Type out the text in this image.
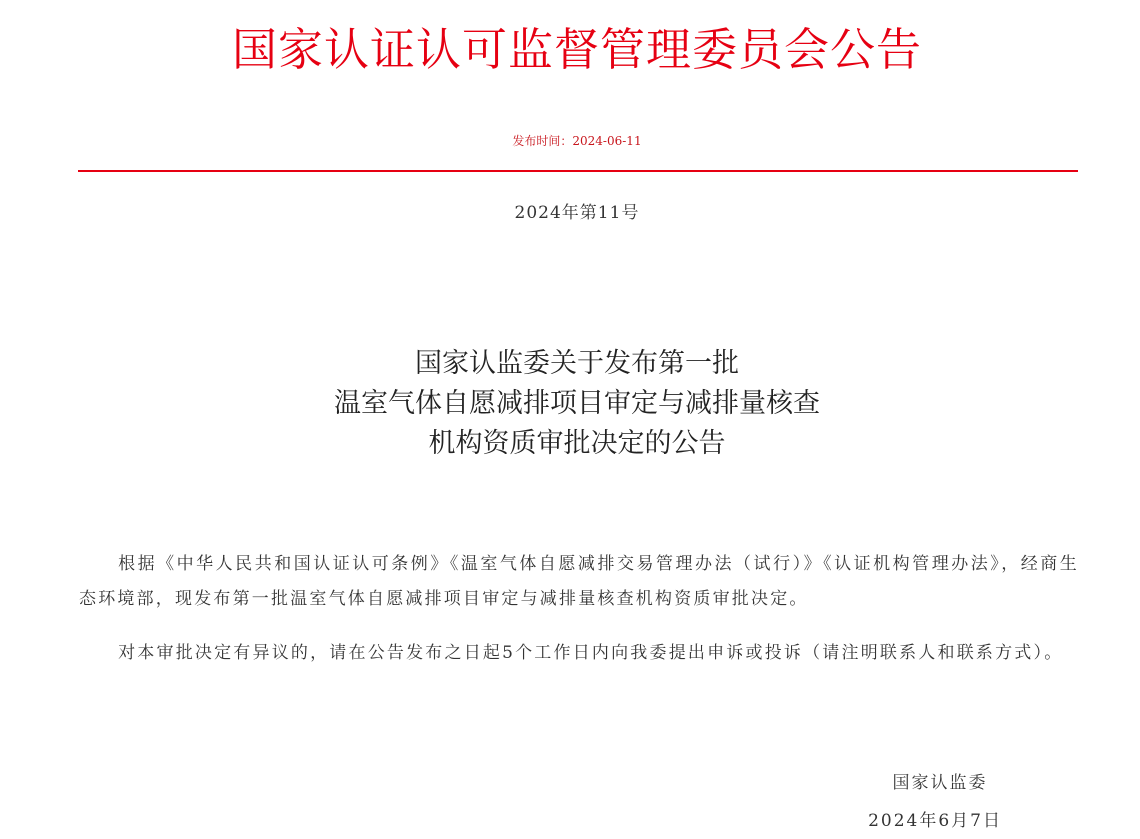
国家认证认可监督管理委员会公告
发布时间：2024-06-11
2024年第11号
国家认监委关于发布第一批
温室气体自愿减排项目审定与减排量核查
机构资质审批决定的公告

根据《中华人民共和国认证认可条例》《温室气体自愿减排交易管理办法（试行）》《认证机构管理办法》，经商生态环境部，现发布第一批温室气体自愿减排项目审定与减排量核查机构资质审批决定。

对本审批决定有异议的，请在公告发布之日起5个工作日内向我委提出申诉或投诉（请注明联系人和联系方式）。

国家认监委
2024年6月7日
